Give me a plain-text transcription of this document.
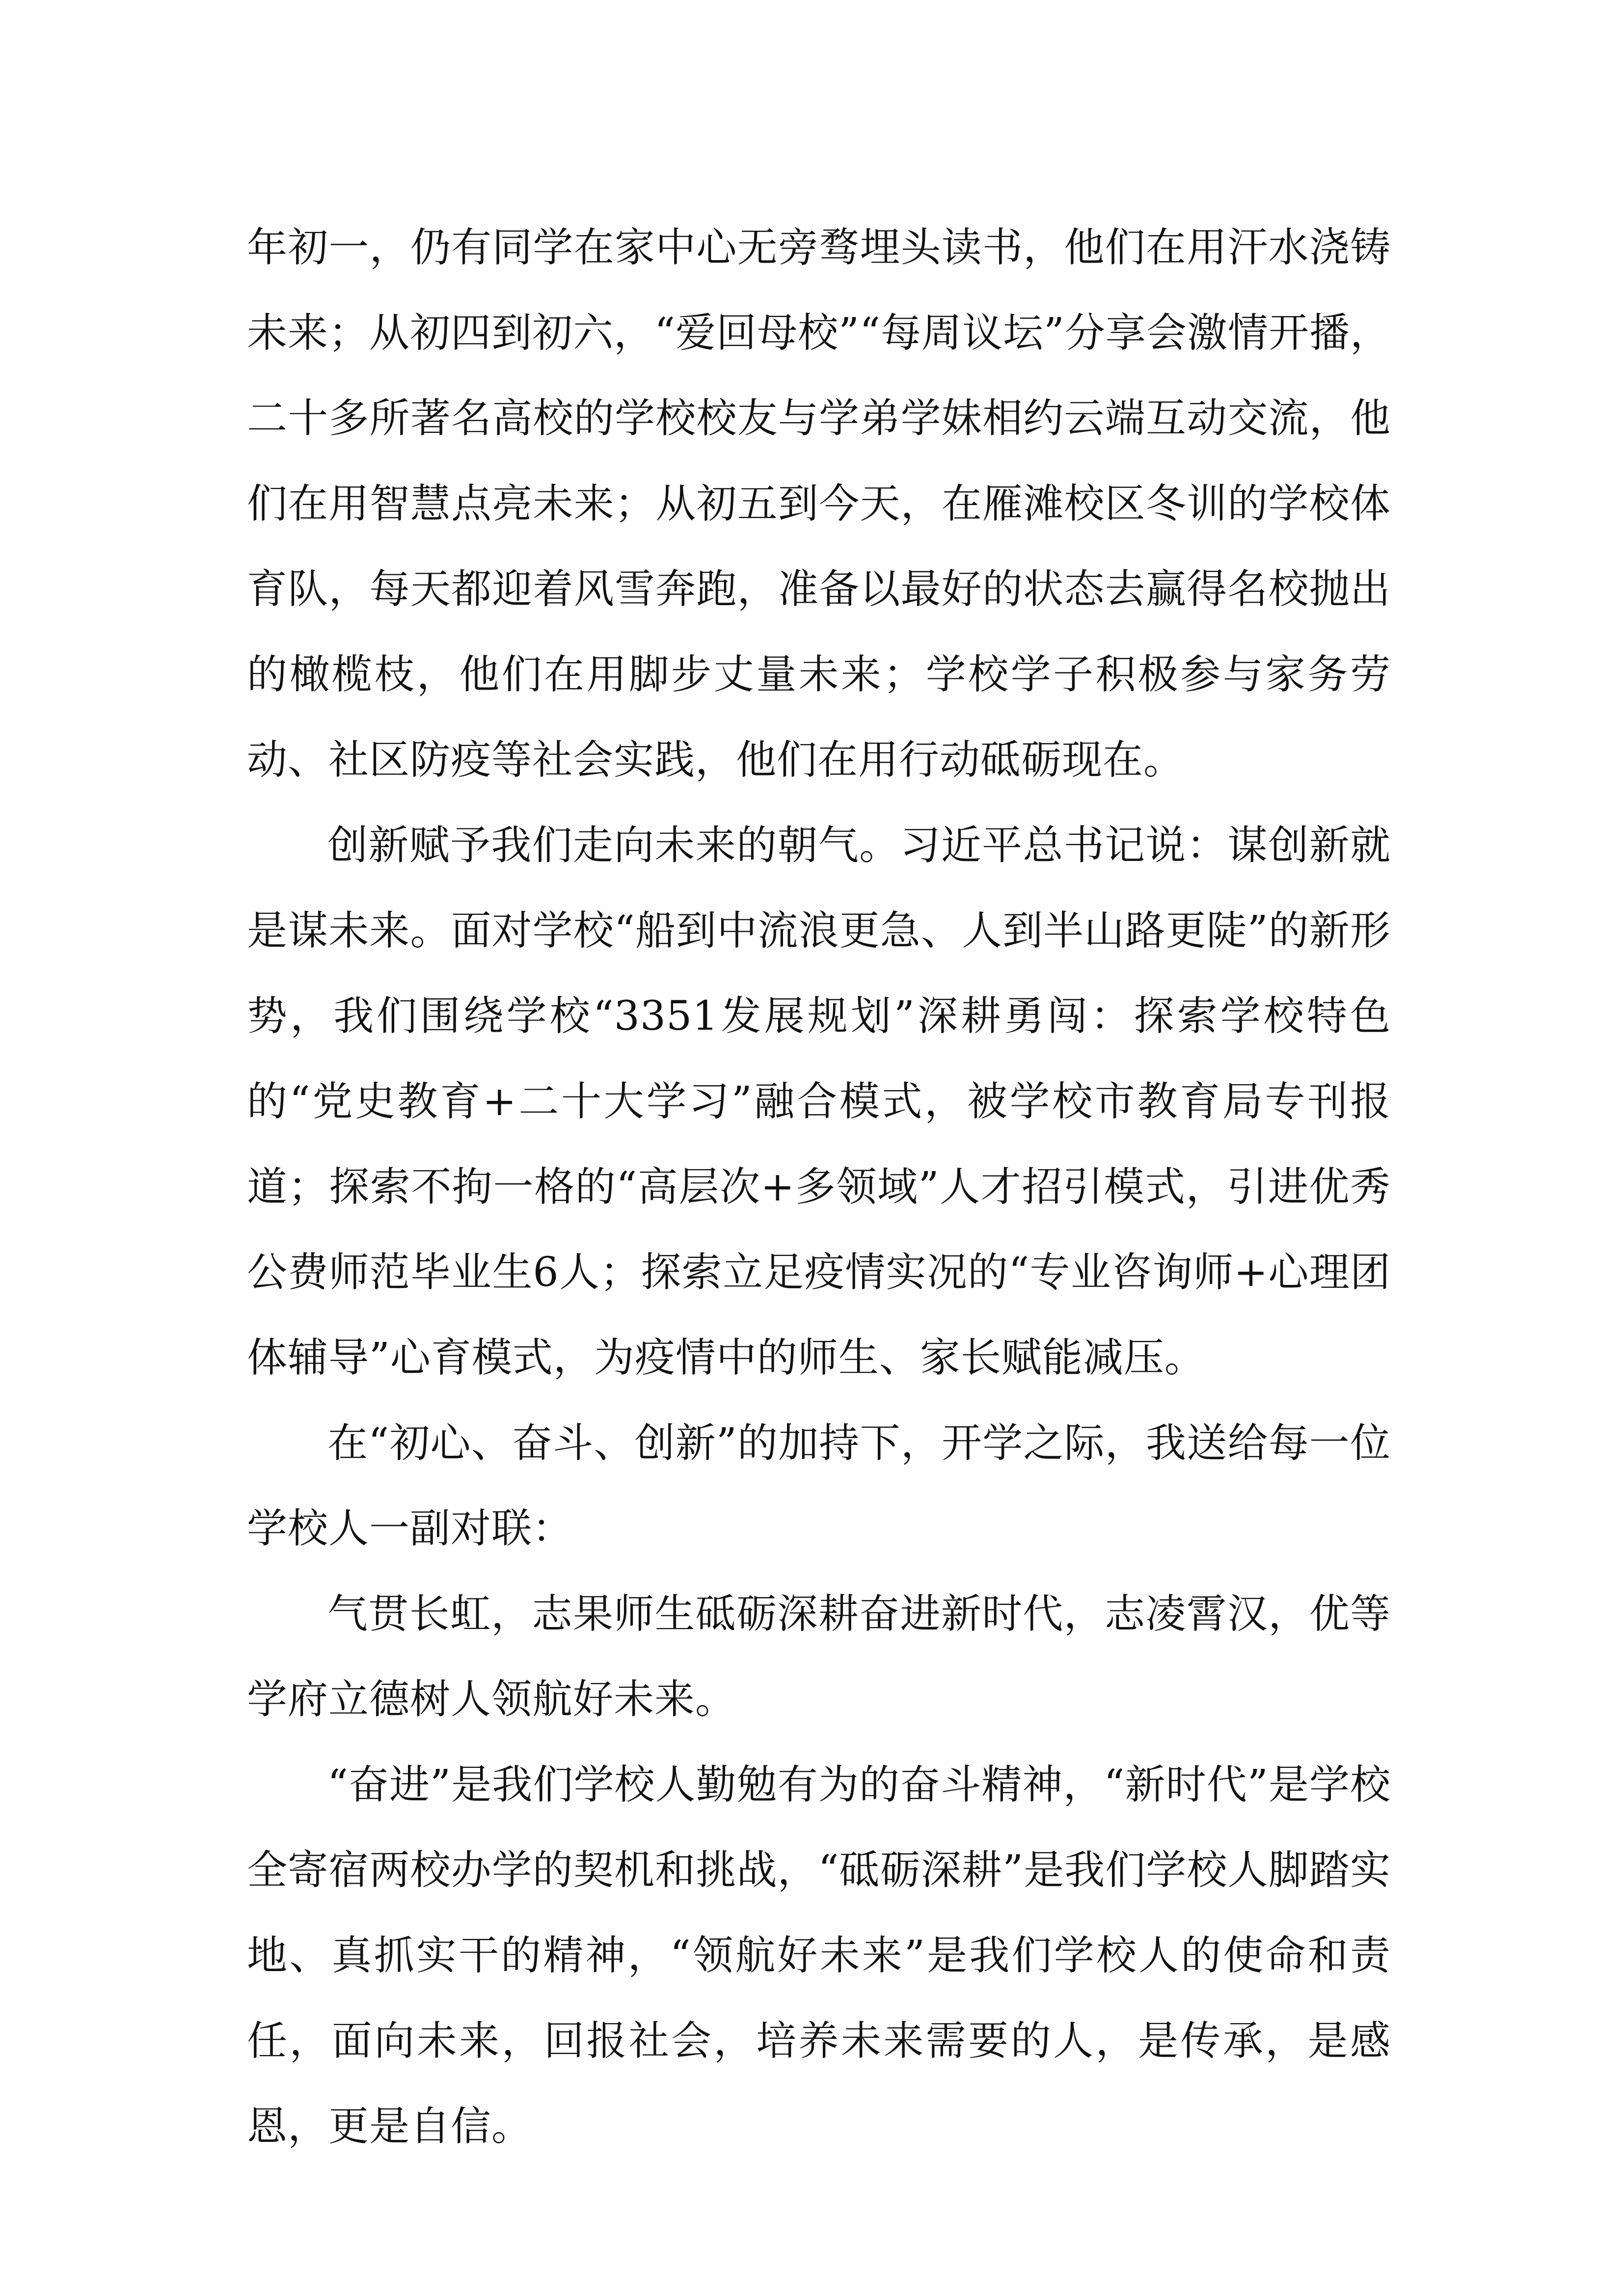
年初一，仍有同学在家中心无旁骛埋头读书，他们在用汗水浇铸未来；从初四到初六，“爱回母校”“每周议坛”分享会激情开播，二十多所著名高校的学校校友与学弟学妹相约云端互动交流，他们在用智慧点亮未来；从初五到今天，在雁滩校区冬训的学校体育队，每天都迎着风雪奔跑，准备以最好的状态去赢得名校抛出的橄榄枝，他们在用脚步丈量未来；学校学子积极参与家务劳动、社区防疫等社会实践，他们在用行动砥砺现在。

创新赋予我们走向未来的朝气。习近平总书记说：谋创新就是谋未来。面对学校“船到中流浪更急、人到半山路更陡”的新形势，我们围绕学校“3351发展规划”深耕勇闯：探索学校特色的“党史教育+二十大学习”融合模式，被学校市教育局专刊报道；探索不拘一格的“高层次+多领域”人才招引模式，引进优秀公费师范毕业生6人；探索立足疫情实况的“专业咨询师+心理团体辅导”心育模式，为疫情中的师生、家长赋能减压。

在“初心、奋斗、创新”的加持下，开学之际，我送给每一位学校人一副对联：

气贯长虹，志果师生砥砺深耕奋进新时代，志凌霄汉，优等学府立德树人领航好未来。

“奋进”是我们学校人勤勉有为的奋斗精神，“新时代”是学校全寄宿两校办学的契机和挑战，“砥砺深耕”是我们学校人脚踏实地、真抓实干的精神，“领航好未来”是我们学校人的使命和责任，面向未来，回报社会，培养未来需要的人，是传承，是感恩，更是自信。
